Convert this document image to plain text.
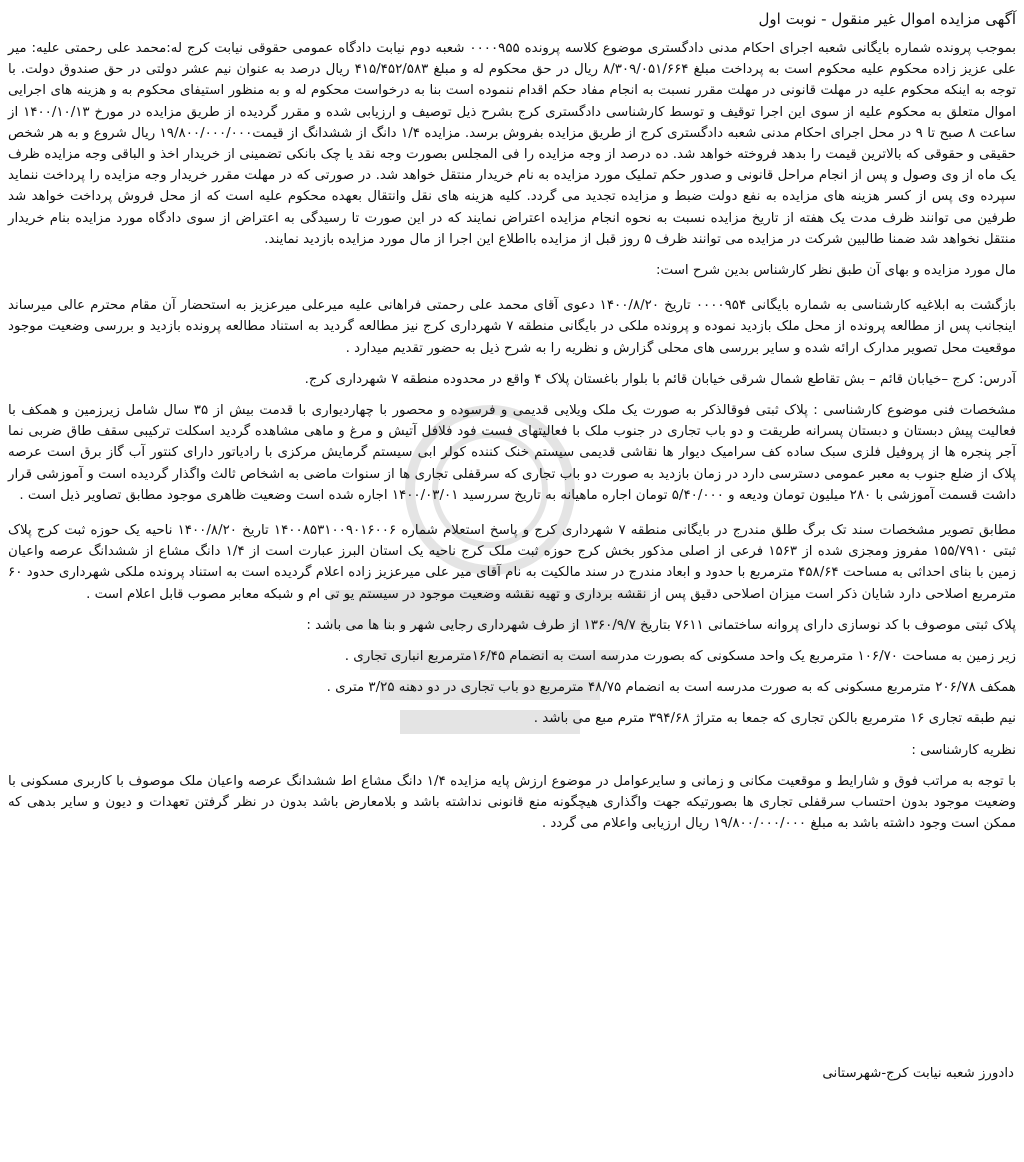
آگهی مزایده اموال غیر منقول - نوبت اول

بموجب پرونده شماره بایگانی شعبه اجرای احکام مدنی دادگستری موضوع کلاسه پرونده ۰۰۰۰۹۵۵ شعبه دوم نیابت دادگاه عمومی حقوقی نیابت کرج له:محمد علی رحمتی علیه: میر علی عزیز زاده محکوم علیه محکوم است به پرداخت مبلغ ۸/۳۰۹/۰۵۱/۶۶۴ ریال در حق محکوم له و مبلغ ۴۱۵/۴۵۲/۵۸۳ ریال درصد به عنوان نیم عشر دولتی در حق صندوق دولت. با توجه به اینکه محکوم علیه در مهلت قانونی در مهلت مقرر نسبت به انجام مفاد حکم اقدام ننموده است بنا به درخواست محکوم له و به منظور استیفای محکوم به و هزینه های اجرایی اموال متعلق به محکوم علیه از سوی این اجرا توقیف و توسط کارشناسی دادگستری کرج بشرح ذیل توصیف و ارزیابی شده و مقرر گردیده از طریق مزایده در مورخ ۱۴۰۰/۱۰/۱۳ از ساعت ۸ صبح تا ۹ در محل اجرای احکام مدنی شعبه دادگستری کرج از طریق مزایده بفروش برسد. مزایده ۱/۴ دانگ از ششدانگ از قیمت۱۹/۸۰۰/۰۰۰/۰۰۰ ریال شروع و به هر شخص حقیقی و حقوقی که بالاترین قیمت را بدهد فروخته خواهد شد. ده درصد از وجه مزایده را فی المجلس بصورت وجه نقد یا چک بانکی تضمینی از خریدار اخذ و الباقی وجه مزایده ظرف یک ماه از وی وصول و پس از انجام مراحل قانونی و صدور حکم تملیک مورد مزایده به نام خریدار منتقل خواهد شد. در صورتی که در مهلت مقرر خریدار وجه مزایده را پرداخت ننماید سپرده وی پس از کسر هزینه های مزایده به نفع دولت ضبط و مزایده تجدید می گردد. کلیه هزینه های نقل وانتقال بعهده محکوم علیه است که از محل فروش پرداخت خواهد شد طرفین می توانند ظرف مدت یک هفته از تاریخ مزایده نسبت به نحوه انجام مزایده اعتراض نمایند که در این صورت تا رسیدگی به اعتراض از سوی دادگاه مورد مزایده بنام خریدار منتقل نخواهد شد ضمنا طالبین شرکت در مزایده می توانند ظرف ۵ روز قبل از مزایده بااطلاع این اجرا از مال مورد مزایده بازدید نمایند.

مال مورد مزایده و بهای آن طبق نظر کارشناس بدین شرح است:

بازگشت به ابلاغیه کارشناسی به شماره بایگانی ۰۰۰۰۹۵۴ تاریخ ۱۴۰۰/۸/۲۰ دعوی آقای محمد علی رحمتی فراهانی علیه میرعلی میرعزیز به استحضار آن مقام محترم عالی میرساند اینجانب پس از مطالعه پرونده از محل ملک بازدید نموده و پرونده ملکی در بایگانی منطقه ۷ شهرداری کرج نیز مطالعه گردید به استناد مطالعه پرونده بازدید و بررسی وضعیت موجود موقعیت محل تصویر مدارک ارائه شده و سایر بررسی های محلی گزارش و نظریه را به شرح ذیل به حضور تقدیم میدارد .

آدرس: کرج –خیابان قائم – بش تقاطع شمال شرقی خیابان قائم با بلوار باغستان پلاک ۴ واقع در محدوده منطقه ۷ شهرداری کرج.

مشخصات فنی موضوع کارشناسی : پلاک ثبتی فوقالذکر به صورت یک ملک ویلایی قدیمی و فرسوده و محصور با چهاردیواری با قدمت بیش از ۳۵ سال شامل زیرزمین و همکف با فعالیت پیش دبستان و دبستان پسرانه طریقت و دو باب تجاری در جنوب ملک با فعالیتهای فست فود فلافل آتیش و مرغ و ماهی مشاهده گردید اسکلت ترکیبی سقف طاق ضربی نما آجر پنجره ها از پروفیل فلزی سبک ساده کف سرامیک دیوار ها نقاشی قدیمی سیستم خنک کننده کولر ابی سیستم گرمایش مرکزی با رادیاتور دارای کنتور آب گاز برق است عرصه پلاک از ضلع جنوب به معبر عمومی دسترسی دارد در زمان بازدید به صورت دو باب تجاری که سرقفلی تجاری ها از سنوات ماضی به اشخاص ثالث واگذار گردیده است و آموزشی قرار داشت قسمت آموزشی با ۲۸۰ میلیون تومان ودیعه و ۵/۴۰/۰۰۰ تومان اجاره ماهیانه به تاریخ سررسید ۱۴۰۰/۰۳/۰۱ اجاره شده است وضعیت ظاهری موجود مطابق تصاویر ذیل است .

مطابق تصویر مشخصات سند تک برگ طلق مندرج در بایگانی منطقه ۷ شهرداری کرج و پاسخ استعلام شماره ۱۴۰۰۸۵۳۱۰۰۹۰۱۶۰۰۶ تاریخ ۱۴۰۰/۸/۲۰ ناحیه یک حوزه ثبت کرج پلاک ثبتی ۱۵۵/۷۹۱۰ مفروز ومجزی شده از ۱۵۶۳ فرعی از اصلی مذکور بخش کرج حوزه ثبت ملک کرج ناحیه یک استان البرز عبارت است از ۱/۴ دانگ مشاع از ششدانگ عرصه واعیان زمین با بنای احداثی به مساحت ۴۵۸/۶۴ مترمربع با حدود و ابعاد مندرج در سند مالکیت به نام آقای میر علی میرعزیز زاده اعلام گردیده است به استناد پرونده ملکی شهرداری حدود ۶۰ مترمربع اصلاحی دارد شایان ذکر است میزان اصلاحی دقیق پس از نقشه برداری و تهیه نقشه وضعیت موجود در سیستم یو تی ام و شبکه معابر مصوب قابل اعلام است .

پلاک ثبتی موصوف با کد نوسازی دارای پروانه ساختمانی ۷۶۱۱ بتاریخ ۱۳۶۰/۹/۷ از طرف شهرداری رجایی شهر و بنا ها می باشد :

زیر زمین به مساحت ۱۰۶/۷۰ مترمربع یک واحد مسکونی که بصورت مدرسه است به انضمام ۱۶/۴۵مترمربع انباری تجاری .

همکف ۲۰۶/۷۸ مترمربع مسکونی که به صورت مدرسه است به انضمام ۴۸/۷۵ مترمربع دو باب تجاری در دو دهنه ۳/۲۵ متری .

نیم طبقه تجاری ۱۶ مترمربع بالکن تجاری که جمعا به متراژ ۳۹۴/۶۸ مترم مبع می باشد .

نظریه کارشناسی :

با توجه به مراتب فوق و شارایط و موقعیت مکانی و زمانی و سایرعوامل در موضوع ارزش پایه مزایده ۱/۴ دانگ مشاع اط ششدانگ عرصه واعیان ملک موصوف با کاربری مسکونی با وضعیت موجود بدون احتساب سرقفلی تجاری ها بصورتیکه جهت واگذاری هیچگونه منع قانونی نداشته باشد و بلامعارض باشد بدون در نظر گرفتن تعهدات و دیون و سایر بدهی که ممکن است وجود داشته باشد به مبلغ ۱۹/۸۰۰/۰۰۰/۰۰۰ ریال ارزیابی واعلام می گردد .

دادورز شعبه نیابت کرج-شهرستانی
